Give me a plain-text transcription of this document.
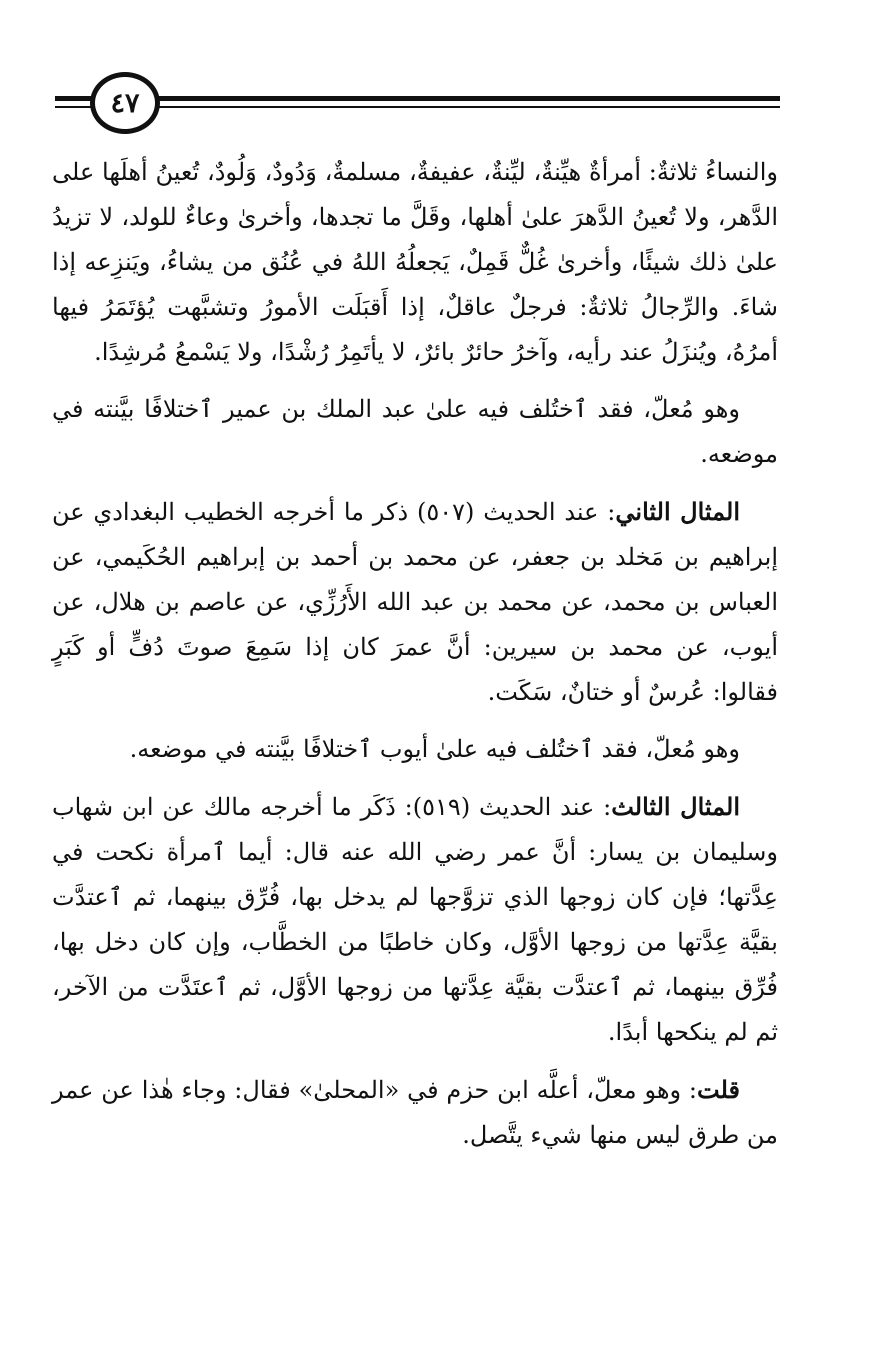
٤٧

والنساءُ ثلاثةٌ: أمرأةٌ هيِّنةٌ، ليِّنةٌ، عفيفةٌ، مسلمةٌ، وَدُودٌ، وَلُودٌ، تُعينُ أهلَها على الدَّهر، ولا تُعينُ الدَّهرَ علىٰ أهلها، وقَلَّ ما تجدها، وأخرىٰ وعاءٌ للولد، لا تزيدُ علىٰ ذلك شيئًا، وأخرىٰ غُلٌّ قَمِلٌ، يَجعلُهُ اللهُ في عُنُق من يشاءُ، ويَنزِعه إذا شاءَ. والرِّجالُ ثلاثةٌ: فرجلٌ عاقلٌ، إذا أَقبَلَت الأمورُ وتشبَّهت يُؤتَمَرُ فيها أمرُهُ، ويُنزَلُ عند رأيه، وآخرُ حائرٌ بائرٌ، لا يأتَمِرُ رُشْدًا، ولا يَسْمعُ مُرشِدًا.

وهو مُعلّ، فقد ٱختُلف فيه علىٰ عبد الملك بن عمير ٱختلافًا بيَّنته في موضعه.

المثال الثاني: عند الحديث (٥٠٧) ذكر ما أخرجه الخطيب البغدادي عن إبراهيم بن مَخلد بن جعفر، عن محمد بن أحمد بن إبراهيم الحُكَيمي، عن العباس بن محمد، عن محمد بن عبد الله الأَرُزِّي، عن عاصم بن هلال، عن أيوب، عن محمد بن سيرين: أنَّ عمرَ كان إذا سَمِعَ صوتَ دُفٍّ أو كَبَرٍ فقالوا: عُرسٌ أو ختانٌ، سَكَت.

وهو مُعلّ، فقد ٱختُلف فيه علىٰ أيوب ٱختلافًا بيَّنته في موضعه.

المثال الثالث: عند الحديث (٥١٩): ذَكَر ما أخرجه مالك عن ابن شهاب وسليمان بن يسار: أنَّ عمر رضي الله عنه قال: أيما ٱمرأة نكحت في عِدَّتها؛ فإن كان زوجها الذي تزوَّجها لم يدخل بها، فُرِّق بينهما، ثم ٱعتدَّت بقيَّة عِدَّتها من زوجها الأوَّل، وكان خاطبًا من الخطَّاب، وإن كان دخل بها، فُرِّق بينهما، ثم ٱعتدَّت بقيَّة عِدَّتها من زوجها الأوَّل، ثم ٱعتَدَّت من الآخر، ثم لم ينكحها أبدًا.

قلت: وهو معلّ، أعلَّه ابن حزم في «المحلىٰ» فقال: وجاء هٰذا عن عمر من طرق ليس منها شيء يتَّصل.
